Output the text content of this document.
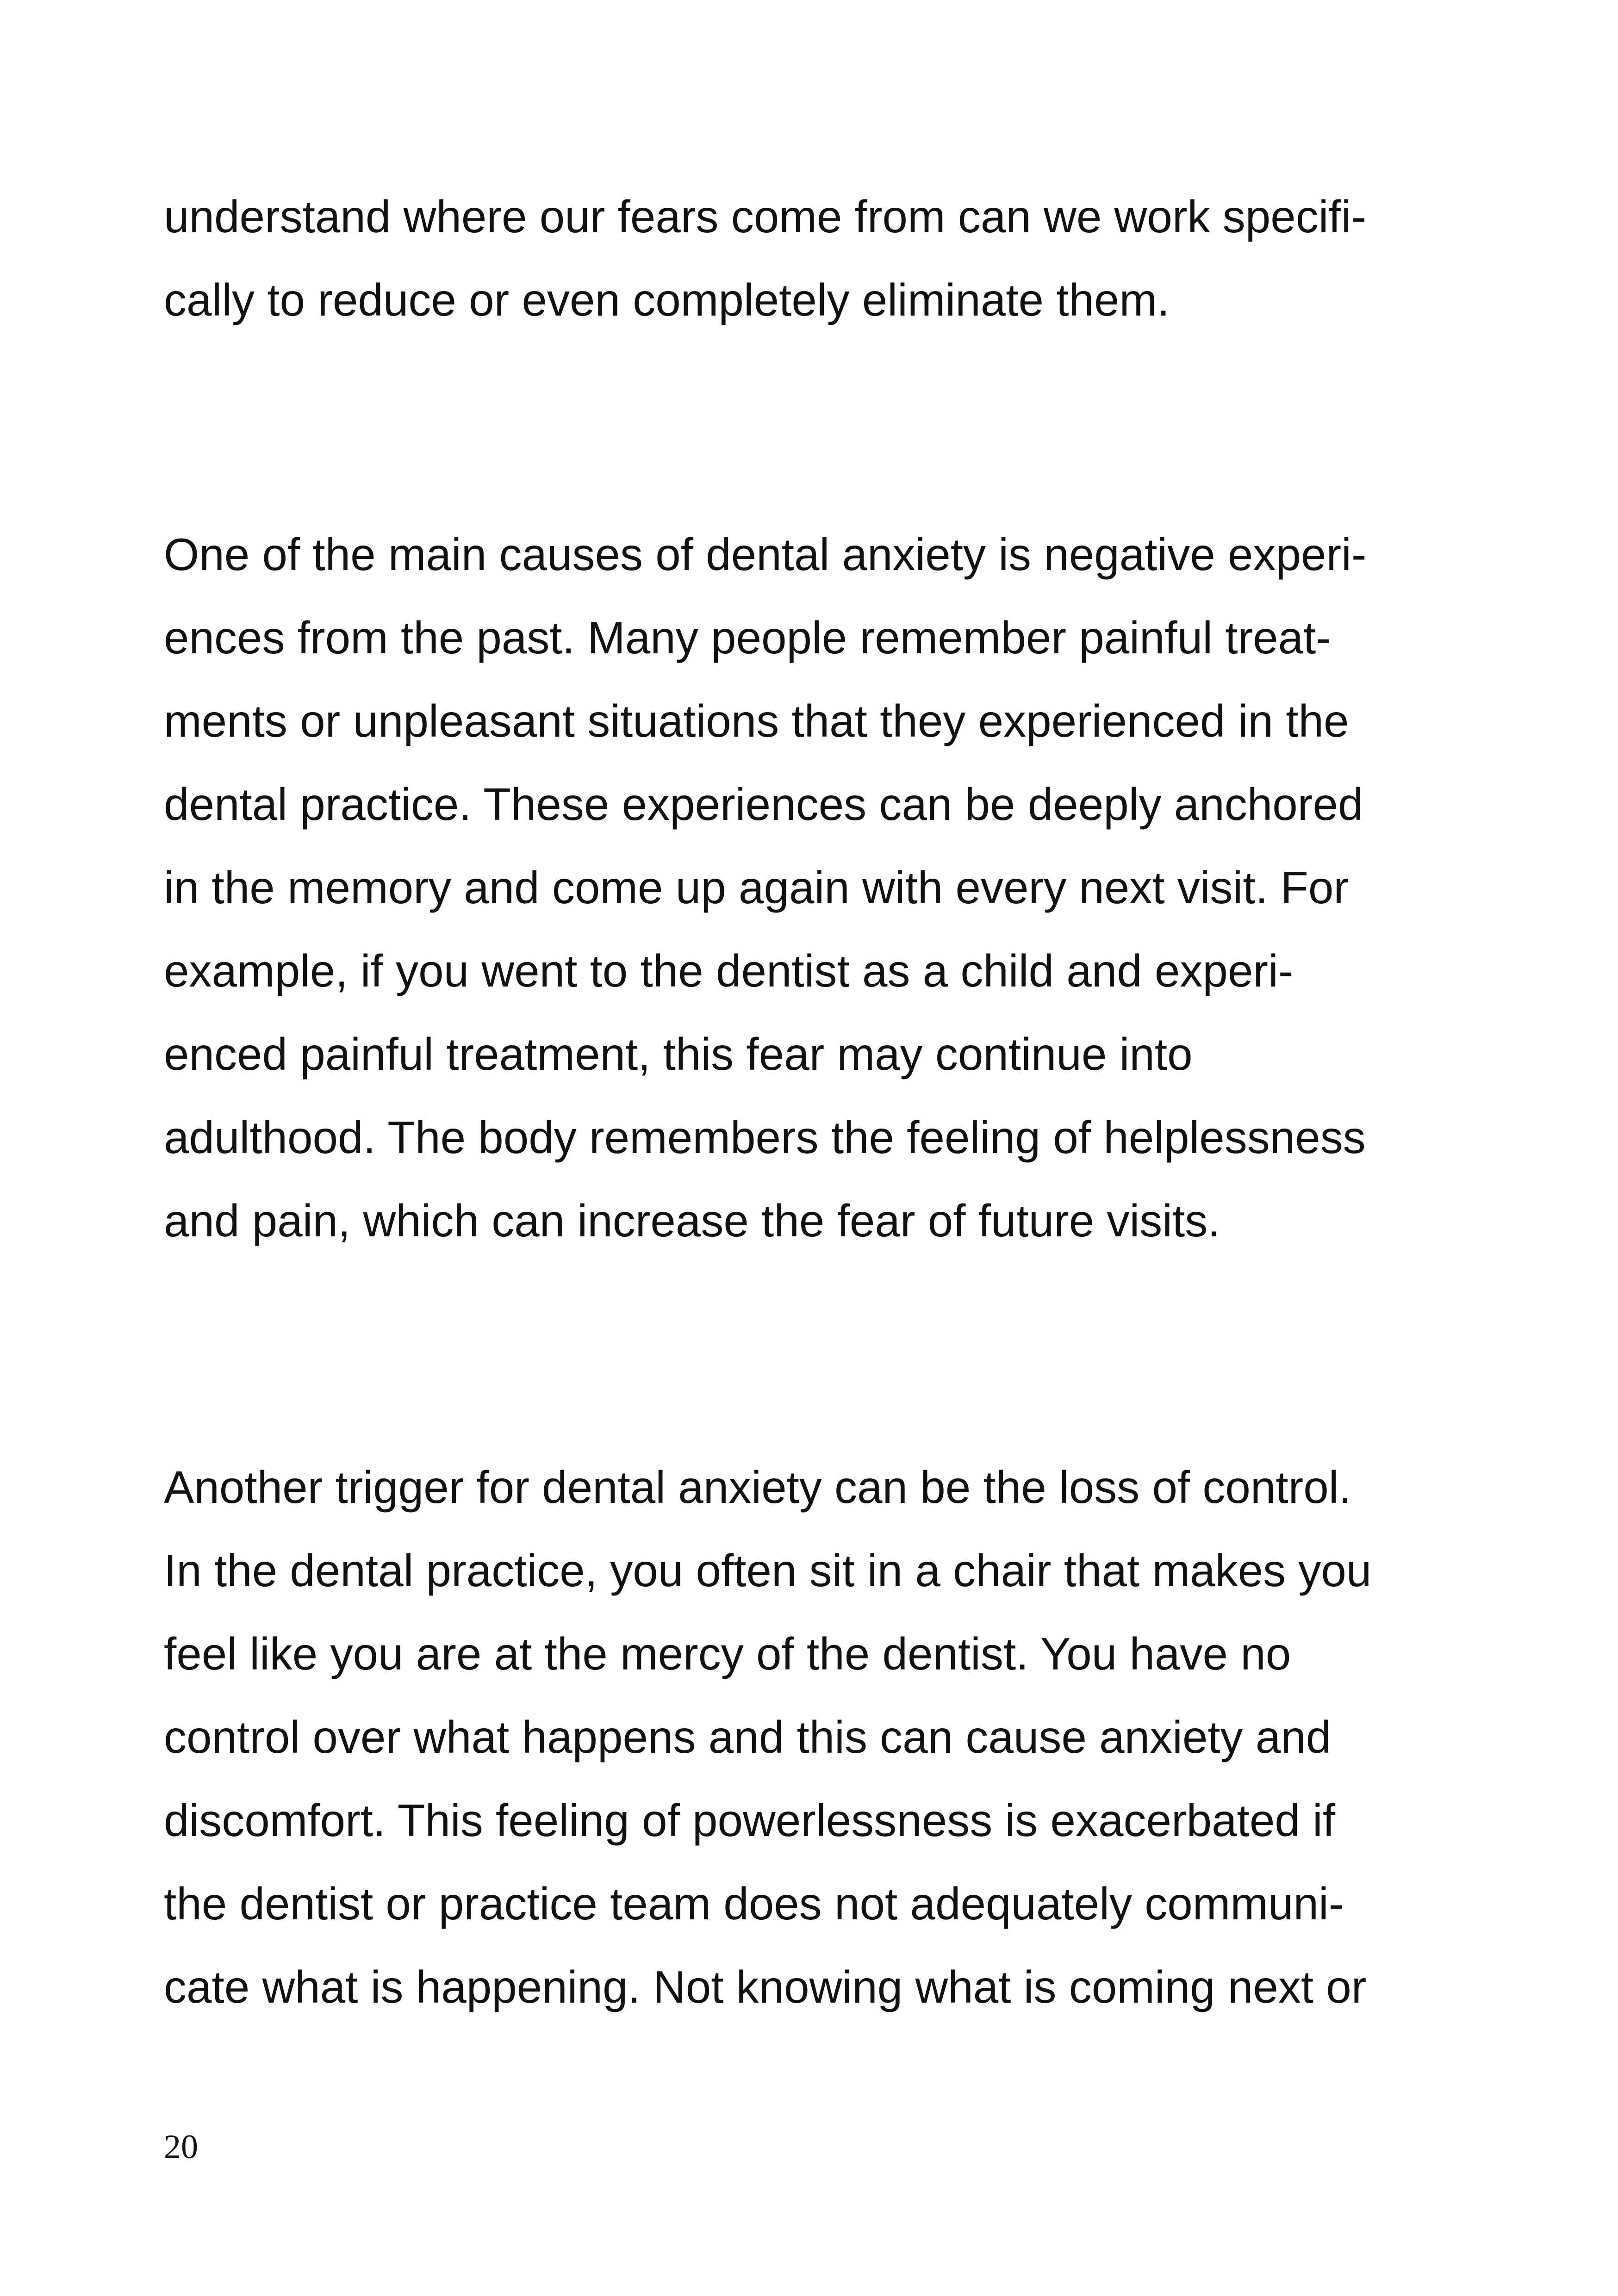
understand where our fears come from can we work specifi-
cally to reduce or even completely eliminate them.

One of the main causes of dental anxiety is negative experi-
ences from the past. Many people remember painful treat-
ments or unpleasant situations that they experienced in the
dental practice. These experiences can be deeply anchored
in the memory and come up again with every next visit. For
example, if you went to the dentist as a child and experi-
enced painful treatment, this fear may continue into
adulthood. The body remembers the feeling of helplessness
and pain, which can increase the fear of future visits.

Another trigger for dental anxiety can be the loss of control.
In the dental practice, you often sit in a chair that makes you
feel like you are at the mercy of the dentist. You have no
control over what happens and this can cause anxiety and
discomfort. This feeling of powerlessness is exacerbated if
the dentist or practice team does not adequately communi-
cate what is happening. Not knowing what is coming next or

20
